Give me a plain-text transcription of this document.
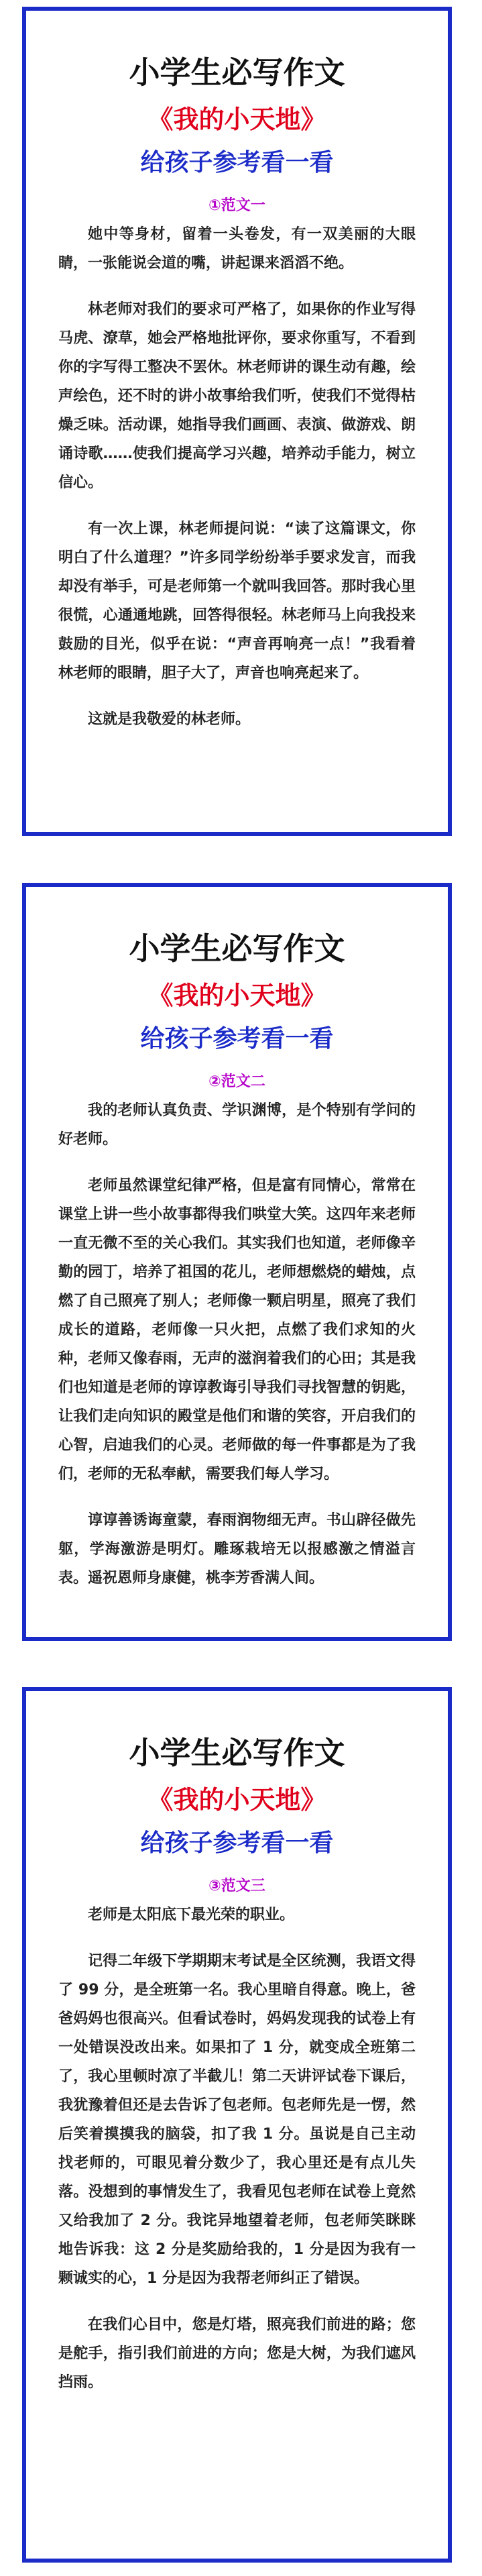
小学生必写作文
《我的小天地》
给孩子参考看一看
①范文一

她中等身材，留着一头卷发，有一双美丽的大眼睛，一张能说会道的嘴，讲起课来滔滔不绝。

林老师对我们的要求可严格了，如果你的作业写得马虎、潦草，她会严格地批评你，要求你重写，不看到你的字写得工整决不罢休。林老师讲的课生动有趣，绘声绘色，还不时的讲小故事给我们听，使我们不觉得枯燥乏味。活动课，她指导我们画画、表演、做游戏、朗诵诗歌……使我们提高学习兴趣，培养动手能力，树立信心。

有一次上课，林老师提问说：“读了这篇课文，你明白了什么道理？”许多同学纷纷举手要求发言，而我却没有举手，可是老师第一个就叫我回答。那时我心里很慌，心通通地跳，回答得很轻。林老师马上向我投来鼓励的目光，似乎在说：“声音再响亮一点！”我看着林老师的眼睛，胆子大了，声音也响亮起来了。

这就是我敬爱的林老师。

小学生必写作文
《我的小天地》
给孩子参考看一看
②范文二

我的老师认真负责、学识渊博，是个特别有学问的好老师。

老师虽然课堂纪律严格，但是富有同情心，常常在课堂上讲一些小故事都得我们哄堂大笑。这四年来老师一直无微不至的关心我们。其实我们也知道，老师像辛勤的园丁，培养了祖国的花儿，老师想燃烧的蜡烛，点燃了自己照亮了别人；老师像一颗启明星，照亮了我们成长的道路，老师像一只火把，点燃了我们求知的火种，老师又像春雨，无声的滋润着我们的心田；其是我们也知道是老师的谆谆教诲引导我们寻找智慧的钥匙，让我们走向知识的殿堂是他们和谐的笑容，开启我们的心智，启迪我们的心灵。老师做的每一件事都是为了我们，老师的无私奉献，需要我们每人学习。

谆谆善诱诲童蒙，春雨润物细无声。书山辟径做先躯，学海激游是明灯。雕琢栽培无以报感激之情溢言表。遥祝恩师身康健，桃李芳香满人间。

小学生必写作文
《我的小天地》
给孩子参考看一看
③范文三

老师是太阳底下最光荣的职业。

记得二年级下学期期末考试是全区统测，我语文得了 99 分，是全班第一名。我心里暗自得意。晚上，爸爸妈妈也很高兴。但看试卷时，妈妈发现我的试卷上有一处错误没改出来。如果扣了 1 分，就变成全班第二了，我心里顿时凉了半截儿！第二天讲评试卷下课后，我犹豫着但还是去告诉了包老师。包老师先是一愣，然后笑着摸摸我的脑袋，扣了我 1 分。虽说是自己主动找老师的，可眼见着分数少了，我心里还是有点儿失落。没想到的事情发生了，我看见包老师在试卷上竟然又给我加了 2 分。我诧异地望着老师，包老师笑眯眯地告诉我：这 2 分是奖励给我的，1 分是因为我有一颗诚实的心，1 分是因为我帮老师纠正了错误。

在我们心目中，您是灯塔，照亮我们前进的路；您是舵手，指引我们前进的方向；您是大树，为我们遮风挡雨。
